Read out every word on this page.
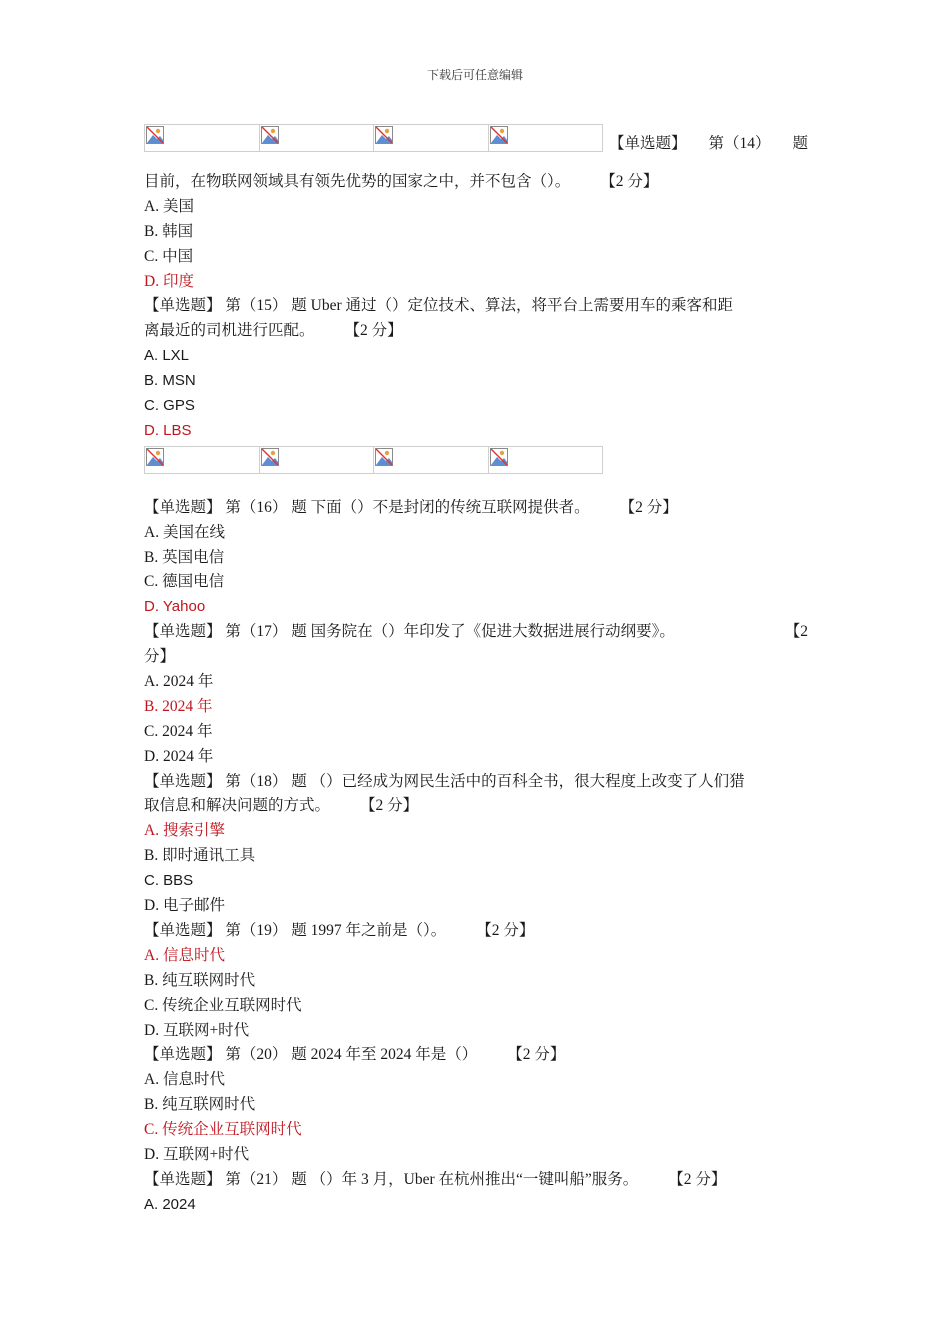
下载后可任意编辑
【单选题】 第（14） 题
目前，在物联网领域具有领先优势的国家之中，并不包含（）。 【2 分】
A. 美国
B. 韩国
C. 中国
D. 印度
【单选题】 第（15） 题 Uber 通过（）定位技术、算法，将平台上需要用车的乘客和距
离最近的司机进行匹配。 【2 分】
A. LXL
B. MSN
C. GPS
D. LBS
【单选题】 第（16） 题 下面（）不是封闭的传统互联网提供者。 【2 分】
A. 美国在线
B. 英国电信
C. 德国电信
D. Yahoo
【单选题】 第（17） 题 国务院在（）年印发了《促进大数据进展行动纲要》。	【2
分】
A. 2024 年
B. 2024 年
C. 2024 年
D. 2024 年
【单选题】 第（18） 题 （）已经成为网民生活中的百科全书，很大程度上改变了人们猎
取信息和解决问题的方式。 【2 分】
A. 搜索引擎
B. 即时通讯工具
C. BBS
D. 电子邮件
【单选题】 第（19） 题 1997 年之前是（）。 【2 分】
A. 信息时代
B. 纯互联网时代
C. 传统企业互联网时代
D. 互联网+时代
【单选题】 第（20） 题 2024 年至 2024 年是（） 【2 分】
A. 信息时代
B. 纯互联网时代
C. 传统企业互联网时代
D. 互联网+时代
【单选题】 第（21） 题 （）年 3 月，Uber 在杭州推出“一键叫船”服务。 【2 分】
A. 2024
